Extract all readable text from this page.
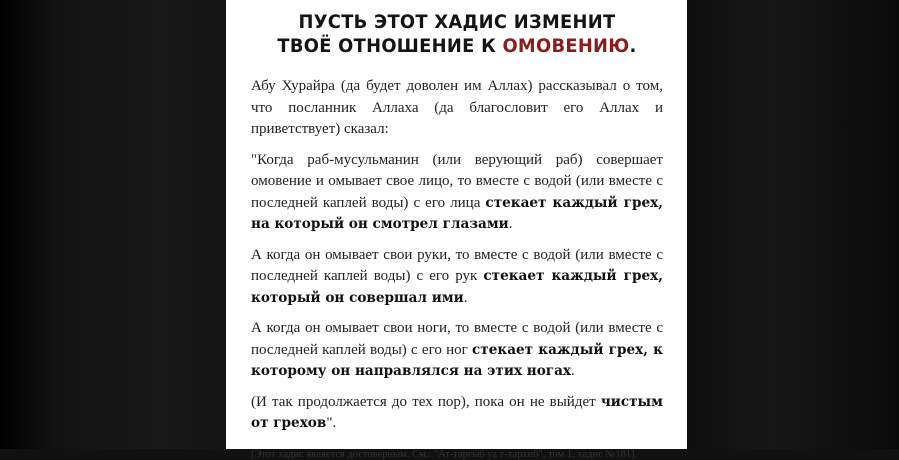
ПУСТЬ ЭТОТ ХАДИС ИЗМЕНИТ
ТВОЁ ОТНОШЕНИЕ К ОМОВЕНИЮ.

Абу Хурайра (да будет доволен им Аллах) рассказывал о том, что посланник Аллаха (да благословит его Аллах и приветствует) сказал:

"Когда раб-мусульманин (или верующий раб) совершает омовение и омывает свое лицо, то вместе с водой (или вместе с последней каплей воды) с его лица стекает каждый грех, на который он смотрел глазами.

А когда он омывает свои руки, то вместе с водой (или вместе с последней каплей воды) с его рук стекает каждый грех, который он совершал ими.

А когда он омывает свои ноги, то вместе с водой (или вместе с последней каплей воды) с его ног стекает каждый грех, к которому он направлялся на этих ногах.

(И так продолжается до тех пор), пока он не выйдет чистым от грехов".

[Этот хадис является достоверным. См.: "Ат-таргыб уа т-тархиб", том 1, хадис №181].
